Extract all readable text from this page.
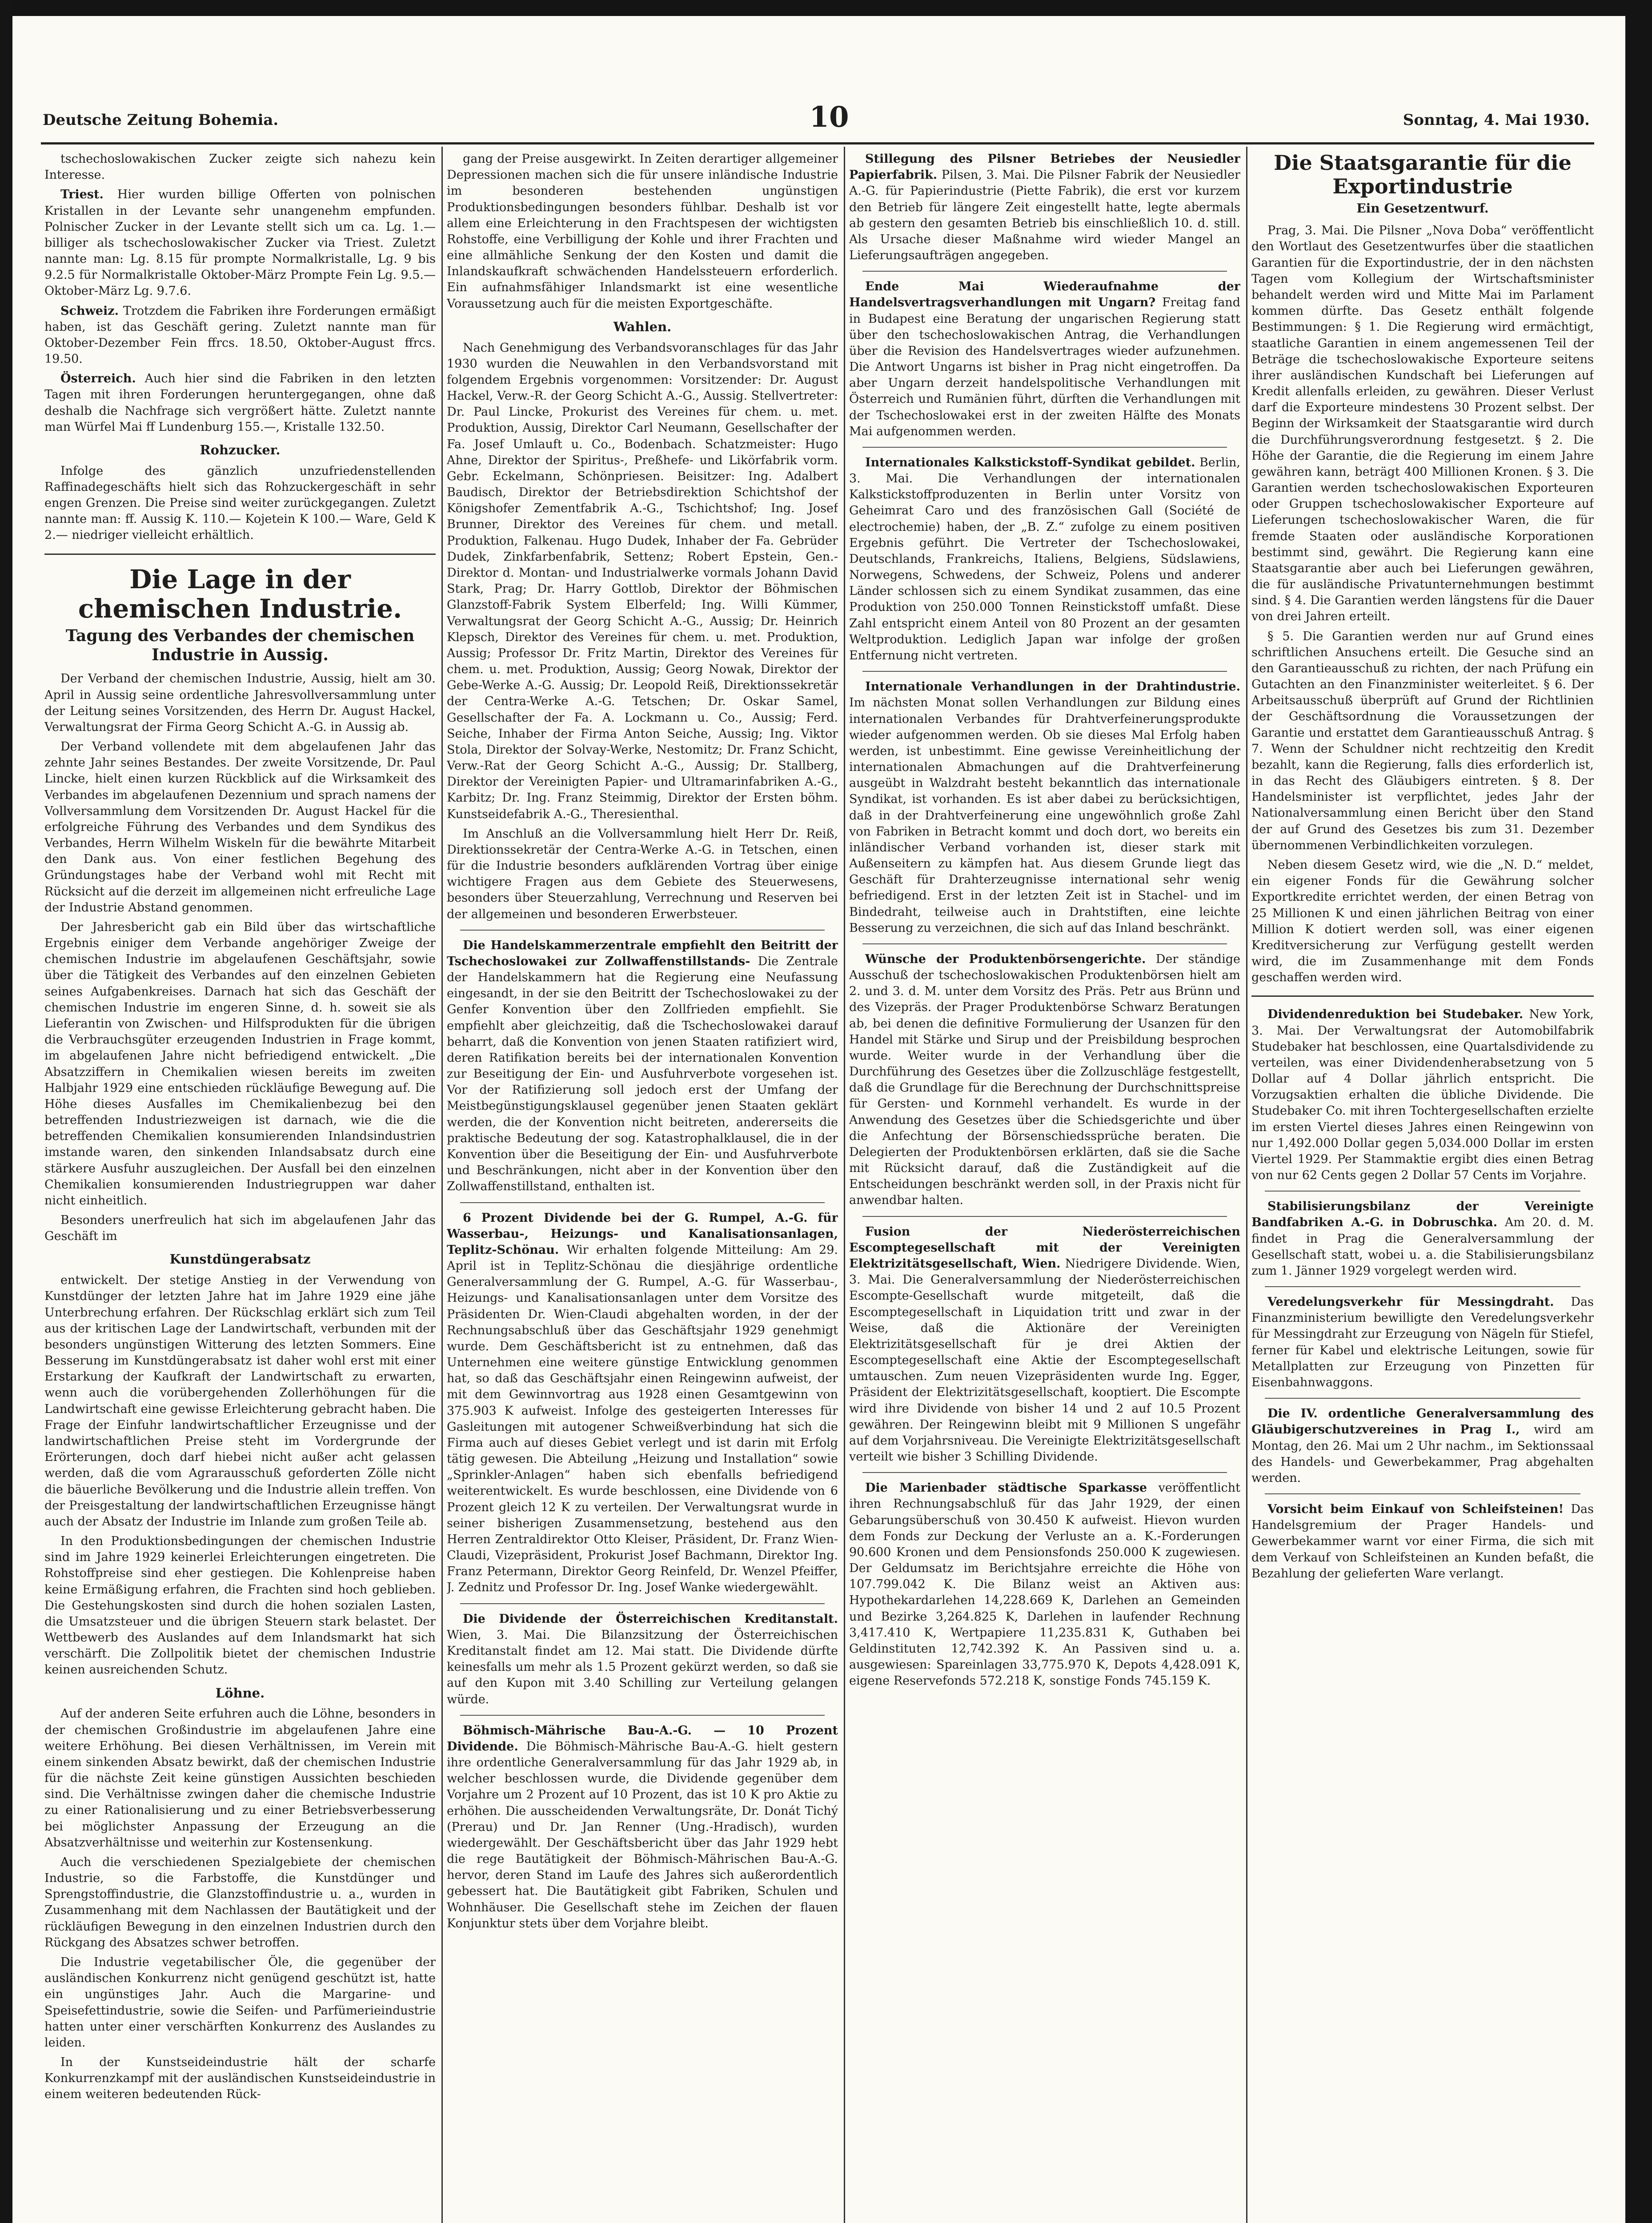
Deutsche Zeitung Bohemia.	10	Sonntag, 4. Mai 1930.

tschechoslowakischen Zucker zeigte sich nahezu kein Interesse.

Triest. Hier wurden billige Offerten von polnischen Kristallen in der Levante sehr unangenehm empfunden. Polnischer Zucker in der Levante stellt sich um ca. Lg. 1.— billiger als tschechoslowakischer Zucker via Triest. Zuletzt nannte man: Lg. 8.15 für prompte Normalkristalle, Lg. 9 bis 9.2.5 für Normalkristalle Oktober-März Prompte Fein Lg. 9.5.— Oktober-März Lg. 9.7.6.

Schweiz. Trotzdem die Fabriken ihre Forderungen ermäßigt haben, ist das Geschäft gering. Zuletzt nannte man für Oktober-Dezember Fein ffrcs. 18.50, Oktober-August ffrcs. 19.50.

Österreich. Auch hier sind die Fabriken in den letzten Tagen mit ihren Forderungen heruntergegangen, ohne daß deshalb die Nachfrage sich vergrößert hätte. Zuletzt nannte man Würfel Mai ff Lundenburg 155.—, Kristalle 132.50.

Rohzucker.

Infolge des gänzlich unzufriedenstellenden Raffinadegeschäfts hielt sich das Rohzuckergeschäft in sehr engen Grenzen. Die Preise sind weiter zurückgegangen. Zuletzt nannte man: ff. Aussig K. 110.— Kojetein K 100.— Ware, Geld K 2.— niedriger vielleicht erhältlich.

Die Lage in der chemischen Industrie.
Tagung des Verbandes der chemischen Industrie in Aussig.

Der Verband der chemischen Industrie, Aussig, hielt am 30. April in Aussig seine ordentliche Jahresvollversammlung unter der Leitung seines Vorsitzenden, des Herrn Dr. August Hackel, Verwaltungsrat der Firma Georg Schicht A.-G. in Aussig ab.

Der Verband vollendete mit dem abgelaufenen Jahr das zehnte Jahr seines Bestandes. Der zweite Vorsitzende, Dr. Paul Lincke, hielt einen kurzen Rückblick auf die Wirksamkeit des Verbandes im abgelaufenen Dezennium und sprach namens der Vollversammlung dem Vorsitzenden Dr. August Hackel für die erfolgreiche Führung des Verbandes und dem Syndikus des Verbandes, Herrn Wilhelm Wiskeln für die bewährte Mitarbeit den Dank aus. Von einer festlichen Begehung des Gründungstages habe der Verband wohl mit Recht mit Rücksicht auf die derzeit im allgemeinen nicht erfreuliche Lage der Industrie Abstand genommen.

Der Jahresbericht gab ein Bild über das wirtschaftliche Ergebnis einiger dem Verbande angehöriger Zweige der chemischen Industrie im abgelaufenen Geschäftsjahr, sowie über die Tätigkeit des Verbandes auf den einzelnen Gebieten seines Aufgabenkreises. Darnach hat sich das Geschäft der chemischen Industrie im engeren Sinne, d. h. soweit sie als Lieferantin von Zwischen- und Hilfsprodukten für die übrigen die Verbrauchsgüter erzeugenden Industrien in Frage kommt, im abgelaufenen Jahre nicht befriedigend entwickelt. „Die Absatzziffern in Chemikalien wiesen bereits im zweiten Halbjahr 1929 eine entschieden rückläufige Bewegung auf. Die Höhe dieses Ausfalles im Chemikalienbezug bei den betreffenden Industriezweigen ist darnach, wie die die betreffenden Chemikalien konsumierenden Inlandsindustrien imstande waren, den sinkenden Inlandsabsatz durch eine stärkere Ausfuhr auszugleichen. Der Ausfall bei den einzelnen Chemikalien konsumierenden Industriegruppen war daher nicht einheitlich.

Besonders unerfreulich hat sich im abgelaufenen Jahr das Geschäft im

Kunstdüngerabsatz

entwickelt. Der stetige Anstieg in der Verwendung von Kunstdünger der letzten Jahre hat im Jahre 1929 eine jähe Unterbrechung erfahren. Der Rückschlag erklärt sich zum Teil aus der kritischen Lage der Landwirtschaft, verbunden mit der besonders ungünstigen Witterung des letzten Sommers. Eine Besserung im Kunstdüngerabsatz ist daher wohl erst mit einer Erstarkung der Kaufkraft der Landwirtschaft zu erwarten, wenn auch die vorübergehenden Zollerhöhungen für die Landwirtschaft eine gewisse Erleichterung gebracht haben. Die Frage der Einfuhr landwirtschaftlicher Erzeugnisse und der landwirtschaftlichen Preise steht im Vordergrunde der Erörterungen, doch darf hiebei nicht außer acht gelassen werden, daß die vom Agrarausschuß geforderten Zölle nicht die bäuerliche Bevölkerung und die Industrie allein treffen. Von der Preisgestaltung der landwirtschaftlichen Erzeugnisse hängt auch der Absatz der Industrie im Inlande zum großen Teile ab.

In den Produktionsbedingungen der chemischen Industrie sind im Jahre 1929 keinerlei Erleichterungen eingetreten. Die Rohstoffpreise sind eher gestiegen. Die Kohlenpreise haben keine Ermäßigung erfahren, die Frachten sind hoch geblieben. Die Gestehungskosten sind durch die hohen sozialen Lasten, die Umsatzsteuer und die übrigen Steuern stark belastet. Der Wettbewerb des Auslandes auf dem Inlandsmarkt hat sich verschärft. Die Zollpolitik bietet der chemischen Industrie keinen ausreichenden Schutz.

Löhne.

Auf der anderen Seite erfuhren auch die Löhne, besonders in der chemischen Großindustrie im abgelaufenen Jahre eine weitere Erhöhung. Bei diesen Verhältnissen, im Verein mit einem sinkenden Absatz bewirkt, daß der chemischen Industrie für die nächste Zeit keine günstigen Aussichten beschieden sind. Die Verhältnisse zwingen daher die chemische Industrie zu einer Rationalisierung und zu einer Betriebsverbesserung bei möglichster Anpassung der Erzeugung an die Absatzverhältnisse und weiterhin zur Kostensenkung.

Auch die verschiedenen Spezialgebiete der chemischen Industrie, so die Farbstoffe, die Kunstdünger und Sprengstoffindustrie, die Glanzstoffindustrie u. a., wurden in Zusammenhang mit dem Nachlassen der Bautätigkeit und der rückläufigen Bewegung in den einzelnen Industrien durch den Rückgang des Absatzes schwer betroffen.

Die Industrie vegetabilischer Öle, die gegenüber der ausländischen Konkurrenz nicht genügend geschützt ist, hatte ein ungünstiges Jahr. Auch die Margarine- und Speisefettindustrie, sowie die Seifen- und Parfümerieindustrie hatten unter einer verschärften Konkurrenz des Auslandes zu leiden.

In der Kunstseideindustrie hält der scharfe Konkurrenzkampf mit der ausländischen Kunstseideindustrie in einem weiteren bedeutenden Rück-

gang der Preise ausgewirkt. In Zeiten derartiger allgemeiner Depressionen machen sich die für unsere inländische Industrie im besonderen bestehenden ungünstigen Produktionsbedingungen besonders fühlbar. Deshalb ist vor allem eine Erleichterung in den Frachtspesen der wichtigsten Rohstoffe, eine Verbilligung der Kohle und ihrer Frachten und eine allmähliche Senkung der den Kosten und damit die Inlandskaufkraft schwächenden Handelssteuern erforderlich. Ein aufnahmsfähiger Inlandsmarkt ist eine wesentliche Voraussetzung auch für die meisten Exportgeschäfte.

Wahlen.

Nach Genehmigung des Verbandsvoranschlages für das Jahr 1930 wurden die Neuwahlen in den Verbandsvorstand mit folgendem Ergebnis vorgenommen: Vorsitzender: Dr. August Hackel, Verw.-R. der Georg Schicht A.-G., Aussig. Stellvertreter: Dr. Paul Lincke, Prokurist des Vereines für chem. u. met. Produktion, Aussig, Direktor Carl Neumann, Gesellschafter der Fa. Josef Umlauft u. Co., Bodenbach. Schatzmeister: Hugo Ahne, Direktor der Spiritus-, Preßhefe- und Likörfabrik vorm. Gebr. Eckelmann, Schönpriesen. Beisitzer: Ing. Adalbert Baudisch, Direktor der Betriebsdirektion Schichtshof der Königshofer Zementfabrik A.-G., Tschichtshof; Ing. Josef Brunner, Direktor des Vereines für chem. und metall. Produktion, Falkenau. Hugo Dudek, Inhaber der Fa. Gebrüder Dudek, Zinkfarbenfabrik, Settenz; Robert Epstein, Gen.-Direktor d. Montan- und Industrialwerke vormals Johann David Stark, Prag; Dr. Harry Gottlob, Direktor der Böhmischen Glanzstoff-Fabrik System Elberfeld; Ing. Willi Kümmer, Verwaltungsrat der Georg Schicht A.-G., Aussig; Dr. Heinrich Klepsch, Direktor des Vereines für chem. u. met. Produktion, Aussig; Professor Dr. Fritz Martin, Direktor des Vereines für chem. u. met. Produktion, Aussig; Georg Nowak, Direktor der Gebe-Werke A.-G. Aussig; Dr. Leopold Reiß, Direktionssekretär der Centra-Werke A.-G. Tetschen; Dr. Oskar Samel, Gesellschafter der Fa. A. Lockmann u. Co., Aussig; Ferd. Seiche, Inhaber der Firma Anton Seiche, Aussig; Ing. Viktor Stola, Direktor der Solvay-Werke, Nestomitz; Dr. Franz Schicht, Verw.-Rat der Georg Schicht A.-G., Aussig; Dr. Stallberg, Direktor der Vereinigten Papier- und Ultramarinfabriken A.-G., Karbitz; Dr. Ing. Franz Steimmig, Direktor der Ersten böhm. Kunstseidefabrik A.-G., Theresienthal.

Im Anschluß an die Vollversammlung hielt Herr Dr. Reiß, Direktionssekretär der Centra-Werke A.-G. in Tetschen, einen für die Industrie besonders aufklärenden Vortrag über einige wichtigere Fragen aus dem Gebiete des Steuerwesens, besonders über Steuerzahlung, Verrechnung und Reserven bei der allgemeinen und besonderen Erwerbsteuer.

Die Handelskammerzentrale empfiehlt den Beitritt der Tschechoslowakei zur Zollwaffenstillstands- Die Zentrale der Handelskammern hat die Regierung eine Neufassung eingesandt, in der sie den Beitritt der Tschechoslowakei zu der Genfer Konvention über den Zollfrieden empfiehlt. Sie empfiehlt aber gleichzeitig, daß die Tschechoslowakei darauf beharrt, daß die Konvention von jenen Staaten ratifiziert wird, deren Ratifikation bereits bei der internationalen Konvention zur Beseitigung der Ein- und Ausfuhrverbote vorgesehen ist. Vor der Ratifizierung soll jedoch erst der Umfang der Meistbegünstigungsklausel gegenüber jenen Staaten geklärt werden, die der Konvention nicht beitreten, andererseits die praktische Bedeutung der sog. Katastrophalklausel, die in der Konvention über die Beseitigung der Ein- und Ausfuhrverbote und Beschränkungen, nicht aber in der Konvention über den Zollwaffenstillstand, enthalten ist.

6 Prozent Dividende bei der G. Rumpel, A.-G. für Wasserbau-, Heizungs- und Kanalisationsanlagen, Teplitz-Schönau. Wir erhalten folgende Mitteilung: Am 29. April ist in Teplitz-Schönau die diesjährige ordentliche Generalversammlung der G. Rumpel, A.-G. für Wasserbau-, Heizungs- und Kanalisationsanlagen unter dem Vorsitze des Präsidenten Dr. Wien-Claudi abgehalten worden, in der der Rechnungsabschluß über das Geschäftsjahr 1929 genehmigt wurde. Dem Geschäftsbericht ist zu entnehmen, daß das Unternehmen eine weitere günstige Entwicklung genommen hat, so daß das Geschäftsjahr einen Reingewinn aufweist, der mit dem Gewinnvortrag aus 1928 einen Gesamtgewinn von 375.903 K aufweist. Infolge des gesteigerten Interesses für Gasleitungen mit autogener Schweißverbindung hat sich die Firma auch auf dieses Gebiet verlegt und ist darin mit Erfolg tätig gewesen. Die Abteilung „Heizung und Installation“ sowie „Sprinkler-Anlagen“ haben sich ebenfalls befriedigend weiterentwickelt. Es wurde beschlossen, eine Dividende von 6 Prozent gleich 12 K zu verteilen. Der Verwaltungsrat wurde in seiner bisherigen Zusammensetzung, bestehend aus den Herren Zentraldirektor Otto Kleiser, Präsident, Dr. Franz Wien-Claudi, Vizepräsident, Prokurist Josef Bachmann, Direktor Ing. Franz Petermann, Direktor Georg Reinfeld, Dr. Wenzel Pfeiffer, J. Zednitz und Professor Dr. Ing. Josef Wanke wiedergewählt.

Die Dividende der Österreichischen Kreditanstalt. Wien, 3. Mai. Die Bilanzsitzung der Österreichischen Kreditanstalt findet am 12. Mai statt. Die Dividende dürfte keinesfalls um mehr als 1.5 Prozent gekürzt werden, so daß sie auf den Kupon mit 3.40 Schilling zur Verteilung gelangen würde.

Böhmisch-Mährische Bau-A.-G. — 10 Prozent Dividende. Die Böhmisch-Mährische Bau-A.-G. hielt gestern ihre ordentliche Generalversammlung für das Jahr 1929 ab, in welcher beschlossen wurde, die Dividende gegenüber dem Vorjahre um 2 Prozent auf 10 Prozent, das ist 10 K pro Aktie zu erhöhen. Die ausscheidenden Verwaltungsräte, Dr. Donát Tichý (Prerau) und Dr. Jan Renner (Ung.-Hradisch), wurden wiedergewählt. Der Geschäftsbericht über das Jahr 1929 hebt die rege Bautätigkeit der Böhmisch-Mährischen Bau-A.-G. hervor, deren Stand im Laufe des Jahres sich außerordentlich gebessert hat. Die Bautätigkeit gibt Fabriken, Schulen und Wohnhäuser. Die Gesellschaft stehe im Zeichen der flauen Konjunktur stets über dem Vorjahre bleibt.

Stillegung des Pilsner Betriebes der Neusiedler Papierfabrik. Pilsen, 3. Mai. Die Pilsner Fabrik der Neusiedler A.-G. für Papierindustrie (Piette Fabrik), die erst vor kurzem den Betrieb für längere Zeit eingestellt hatte, legte abermals ab gestern den gesamten Betrieb bis einschließlich 10. d. still. Als Ursache dieser Maßnahme wird wieder Mangel an Lieferungsaufträgen angegeben.

Ende Mai Wiederaufnahme der Handelsvertragsverhandlungen mit Ungarn? Freitag fand in Budapest eine Beratung der ungarischen Regierung statt über den tschechoslowakischen Antrag, die Verhandlungen über die Revision des Handelsvertrages wieder aufzunehmen. Die Antwort Ungarns ist bisher in Prag nicht eingetroffen. Da aber Ungarn derzeit handelspolitische Verhandlungen mit Österreich und Rumänien führt, dürften die Verhandlungen mit der Tschechoslowakei erst in der zweiten Hälfte des Monats Mai aufgenommen werden.

Internationales Kalkstickstoff-Syndikat gebildet. Berlin, 3. Mai. Die Verhandlungen der internationalen Kalkstickstoffproduzenten in Berlin unter Vorsitz von Geheimrat Caro und des französischen Gall (Société de electrochemie) haben, der „B. Z.“ zufolge zu einem positiven Ergebnis geführt. Die Vertreter der Tschechoslowakei, Deutschlands, Frankreichs, Italiens, Belgiens, Südslawiens, Norwegens, Schwedens, der Schweiz, Polens und anderer Länder schlossen sich zu einem Syndikat zusammen, das eine Produktion von 250.000 Tonnen Reinstickstoff umfaßt. Diese Zahl entspricht einem Anteil von 80 Prozent an der gesamten Weltproduktion. Lediglich Japan war infolge der großen Entfernung nicht vertreten.

Internationale Verhandlungen in der Drahtindustrie. Im nächsten Monat sollen Verhandlungen zur Bildung eines internationalen Verbandes für Drahtverfeinerungsprodukte wieder aufgenommen werden. Ob sie dieses Mal Erfolg haben werden, ist unbestimmt. Eine gewisse Vereinheitlichung der internationalen Abmachungen auf die Drahtverfeinerung ausgeübt in Walzdraht besteht bekanntlich das internationale Syndikat, ist vorhanden. Es ist aber dabei zu berücksichtigen, daß in der Drahtverfeinerung eine ungewöhnlich große Zahl von Fabriken in Betracht kommt und doch dort, wo bereits ein inländischer Verband vorhanden ist, dieser stark mit Außenseitern zu kämpfen hat. Aus diesem Grunde liegt das Geschäft für Drahterzeugnisse international sehr wenig befriedigend. Erst in der letzten Zeit ist in Stachel- und im Bindedraht, teilweise auch in Drahtstiften, eine leichte Besserung zu verzeichnen, die sich auf das Inland beschränkt.

Wünsche der Produktenbörsengerichte. Der ständige Ausschuß der tschechoslowakischen Produktenbörsen hielt am 2. und 3. d. M. unter dem Vorsitz des Präs. Petr aus Brünn und des Vizepräs. der Prager Produktenbörse Schwarz Beratungen ab, bei denen die definitive Formulierung der Usanzen für den Handel mit Stärke und Sirup und der Preisbildung besprochen wurde. Weiter wurde in der Verhandlung über die Durchführung des Gesetzes über die Zollzuschläge festgestellt, daß die Grundlage für die Berechnung der Durchschnittspreise für Gersten- und Kornmehl verhandelt. Es wurde in der Anwendung des Gesetzes über die Schiedsgerichte und über die Anfechtung der Börsenschiedssprüche beraten. Die Delegierten der Produktenbörsen erklärten, daß sie die Sache mit Rücksicht darauf, daß die Zuständigkeit auf die Entscheidungen beschränkt werden soll, in der Praxis nicht für anwendbar halten.

Fusion der Niederösterreichischen Escomptegesellschaft mit der Vereinigten Elektrizitätsgesellschaft, Wien. Niedrigere Dividende. Wien, 3. Mai. Die Generalversammlung der Niederösterreichischen Escompte-Gesellschaft wurde mitgeteilt, daß die Escomptegesellschaft in Liquidation tritt und zwar in der Weise, daß die Aktionäre der Vereinigten Elektrizitätsgesellschaft für je drei Aktien der Escomptegesellschaft eine Aktie der Escomptegesellschaft umtauschen. Zum neuen Vizepräsidenten wurde Ing. Egger, Präsident der Elektrizitätsgesellschaft, kooptiert. Die Escompte wird ihre Dividende von bisher 14 und 2 auf 10.5 Prozent gewähren. Der Reingewinn bleibt mit 9 Millionen S ungefähr auf dem Vorjahrsniveau. Die Vereinigte Elektrizitätsgesellschaft verteilt wie bisher 3 Schilling Dividende.

Die Marienbader städtische Sparkasse veröffentlicht ihren Rechnungsabschluß für das Jahr 1929, der einen Gebarungsüberschuß von 30.450 K aufweist. Hievon wurden dem Fonds zur Deckung der Verluste an a. K.-Forderungen 90.600 Kronen und dem Pensionsfonds 250.000 K zugewiesen. Der Geldumsatz im Berichtsjahre erreichte die Höhe von 107.799.042 K. Die Bilanz weist an Aktiven aus: Hypothekardarlehen 14,228.669 K, Darlehen an Gemeinden und Bezirke 3,264.825 K, Darlehen in laufender Rechnung 3,417.410 K, Wertpapiere 11,235.831 K, Guthaben bei Geldinstituten 12,742.392 K. An Passiven sind u. a. ausgewiesen: Spareinlagen 33,775.970 K, Depots 4,428.091 K, eigene Reservefonds 572.218 K, sonstige Fonds 745.159 K.

Die Staatsgarantie für die Exportindustrie
Ein Gesetzentwurf.

Prag, 3. Mai. Die Pilsner „Nova Doba“ veröffentlicht den Wortlaut des Gesetzentwurfes über die staatlichen Garantien für die Exportindustrie, der in den nächsten Tagen vom Kollegium der Wirtschaftsminister behandelt werden wird und Mitte Mai im Parlament kommen dürfte. Das Gesetz enthält folgende Bestimmungen: § 1. Die Regierung wird ermächtigt, staatliche Garantien in einem angemessenen Teil der Beträge die tschechoslowakische Exporteure seitens ihrer ausländischen Kundschaft bei Lieferungen auf Kredit allenfalls erleiden, zu gewähren. Dieser Verlust darf die Exporteure mindestens 30 Prozent selbst. Der Beginn der Wirksamkeit der Staatsgarantie wird durch die Durchführungsverordnung festgesetzt. § 2. Die Höhe der Garantie, die die Regierung im einem Jahre gewähren kann, beträgt 400 Millionen Kronen. § 3. Die Garantien werden tschechoslowakischen Exporteuren oder Gruppen tschechoslowakischer Exporteure auf Lieferungen tschechoslowakischer Waren, die für fremde Staaten oder ausländische Korporationen bestimmt sind, gewährt. Die Regierung kann eine Staatsgarantie aber auch bei Lieferungen gewähren, die für ausländische Privatunternehmungen bestimmt sind. § 4. Die Garantien werden längstens für die Dauer von drei Jahren erteilt.

§ 5. Die Garantien werden nur auf Grund eines schriftlichen Ansuchens erteilt. Die Gesuche sind an den Garantieausschuß zu richten, der nach Prüfung ein Gutachten an den Finanzminister weiterleitet. § 6. Der Arbeitsausschuß überprüft auf Grund der Richtlinien der Geschäftsordnung die Voraussetzungen der Garantie und erstattet dem Garantieausschuß Antrag. § 7. Wenn der Schuldner nicht rechtzeitig den Kredit bezahlt, kann die Regierung, falls dies erforderlich ist, in das Recht des Gläubigers eintreten. § 8. Der Handelsminister ist verpflichtet, jedes Jahr der Nationalversammlung einen Bericht über den Stand der auf Grund des Gesetzes bis zum 31. Dezember übernommenen Verbindlichkeiten vorzulegen.

Neben diesem Gesetz wird, wie die „N. D.“ meldet, ein eigener Fonds für die Gewährung solcher Exportkredite errichtet werden, der einen Betrag von 25 Millionen K und einen jährlichen Beitrag von einer Million K dotiert werden soll, was einer eigenen Kreditversicherung zur Verfügung gestellt werden wird, die im Zusammenhange mit dem Fonds geschaffen werden wird.

Dividendenreduktion bei Studebaker. New York, 3. Mai. Der Verwaltungsrat der Automobilfabrik Studebaker hat beschlossen, eine Quartalsdividende zu verteilen, was einer Dividendenherabsetzung von 5 Dollar auf 4 Dollar jährlich entspricht. Die Vorzugsaktien erhalten die übliche Dividende. Die Studebaker Co. mit ihren Tochtergesellschaften erzielte im ersten Viertel dieses Jahres einen Reingewinn von nur 1,492.000 Dollar gegen 5,034.000 Dollar im ersten Viertel 1929. Per Stammaktie ergibt dies einen Betrag von nur 62 Cents gegen 2 Dollar 57 Cents im Vorjahre.

Stabilisierungsbilanz der Vereinigte Bandfabriken A.-G. in Dobruschka. Am 20. d. M. findet in Prag die Generalversammlung der Gesellschaft statt, wobei u. a. die Stabilisierungsbilanz zum 1. Jänner 1929 vorgelegt werden wird.

Veredelungsverkehr für Messingdraht. Das Finanzministerium bewilligte den Veredelungsverkehr für Messingdraht zur Erzeugung von Nägeln für Stiefel, ferner für Kabel und elektrische Leitungen, sowie für Metallplatten zur Erzeugung von Pinzetten für Eisenbahnwaggons.

Die IV. ordentliche Generalversammlung des Gläubigerschutzvereines in Prag I., wird am Montag, den 26. Mai um 2 Uhr nachm., im Sektionssaal des Handels- und Gewerbekammer, Prag abgehalten werden.

Vorsicht beim Einkauf von Schleifsteinen! Das Handelsgremium der Prager Handels- und Gewerbekammer warnt vor einer Firma, die sich mit dem Verkauf von Schleifsteinen an Kunden befaßt, die Bezahlung der gelieferten Ware verlangt.
